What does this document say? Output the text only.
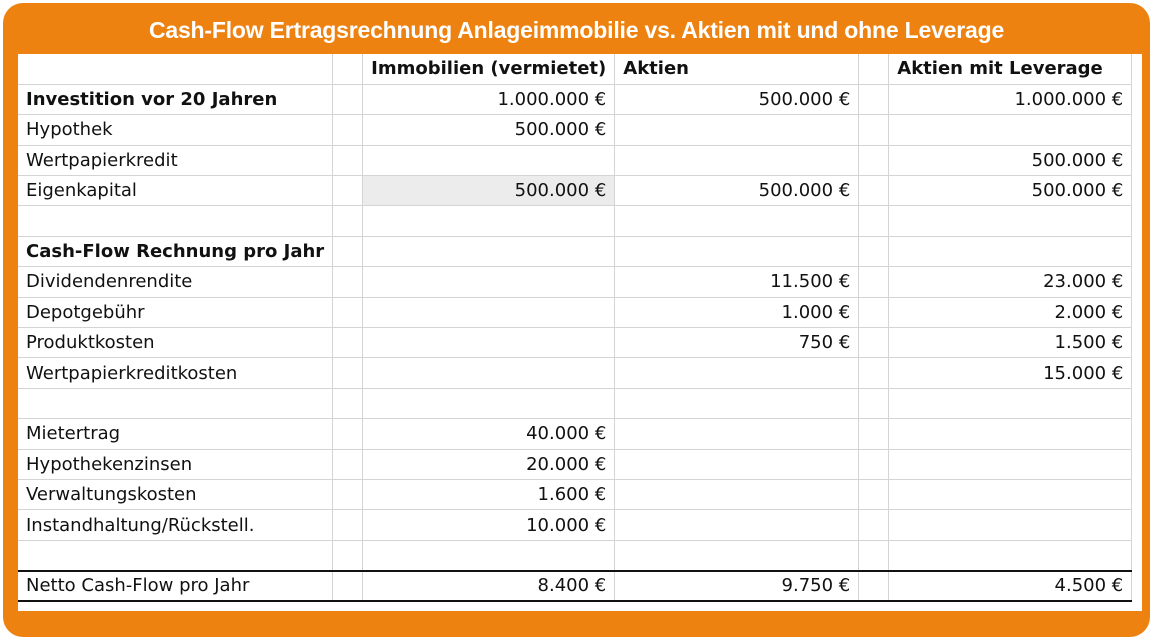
Cash-Flow Ertragsrechnung Anlageimmobilie vs. Aktien mit und ohne Leverage
		Immobilien (vermietet)	Aktien		Aktien mit Leverage
Investition vor 20 Jahren		1.000.000 €	500.000 €		1.000.000 €
Hypothek		500.000 €			
Wertpapierkredit					500.000 €
Eigenkapital		500.000 €	500.000 €		500.000 €

Cash-Flow Rechnung pro Jahr					
Dividendenrendite			11.500 €		23.000 €
Depotgebühr			1.000 €		2.000 €
Produktkosten			750 €		1.500 €
Wertpapierkreditkosten					15.000 €

Mietertrag		40.000 €			
Hypothekenzinsen		20.000 €			
Verwaltungskosten		1.600 €			
Instandhaltung/Rückstell.		10.000 €			

Netto Cash-Flow pro Jahr		8.400 €	9.750 €		4.500 €
